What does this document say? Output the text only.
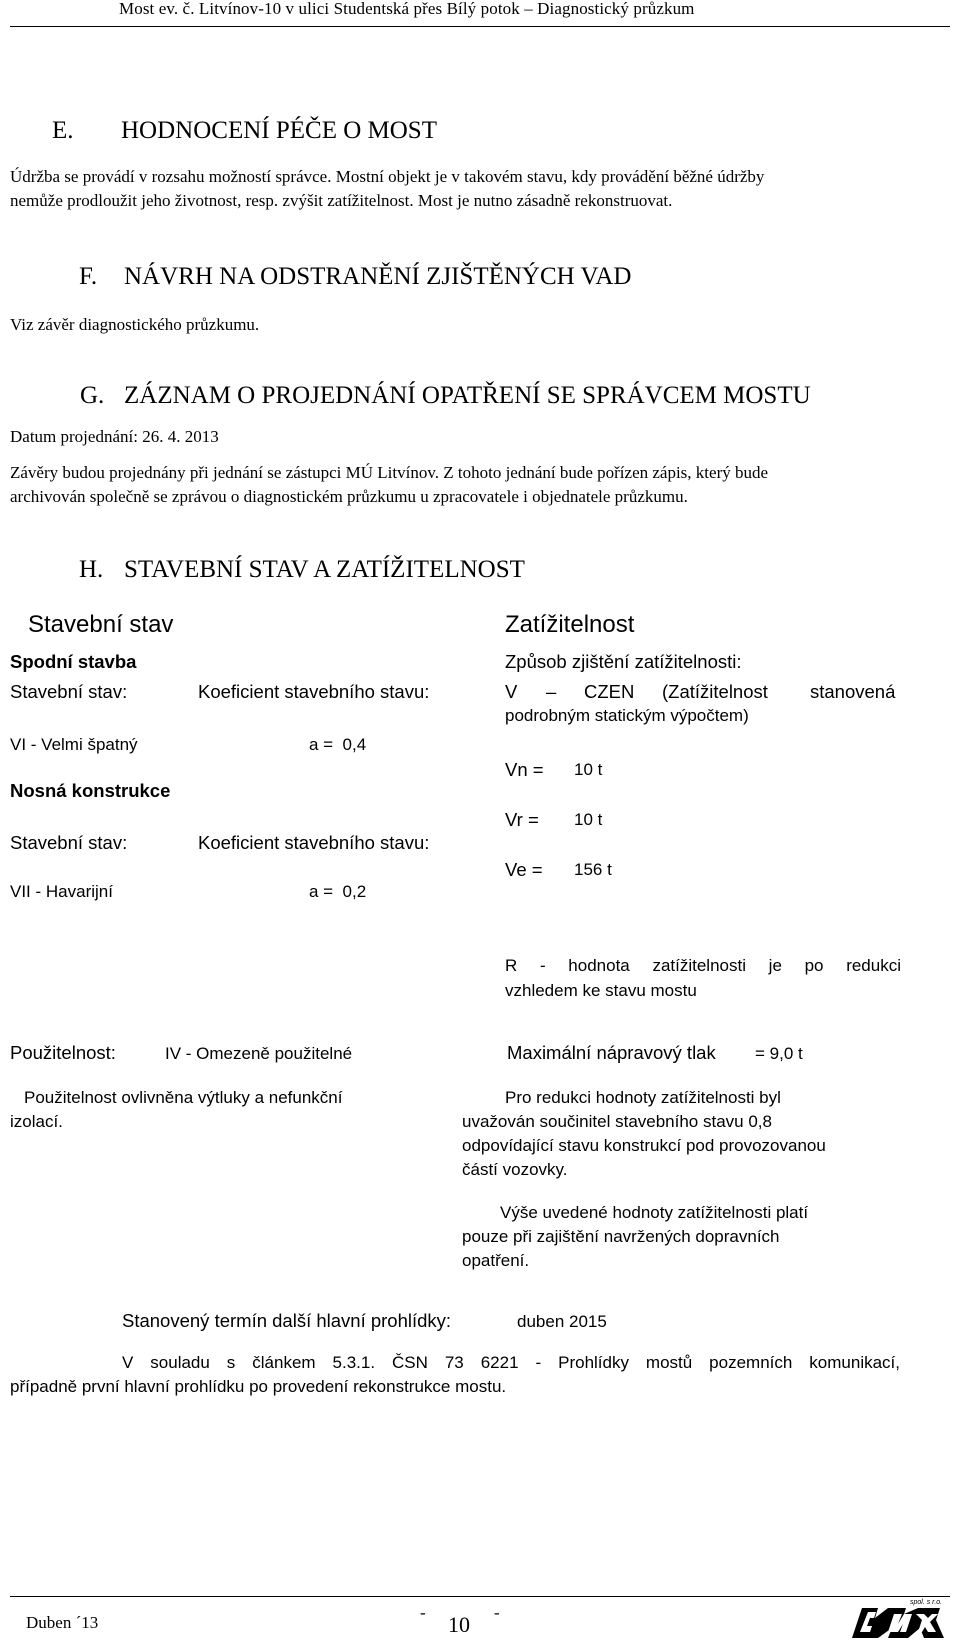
Most ev. č. Litvínov-10 v ulici Studentská přes Bílý potok – Diagnostický průzkum
E. HODNOCENÍ PÉČE O MOST
Údržba se provádí v rozsahu možností správce. Mostní objekt je v takovém stavu, kdy provádění běžné údržby
nemůže prodloužit jeho životnost, resp. zvýšit zatížitelnost. Most je nutno zásadně rekonstruovat.
F. NÁVRH NA ODSTRANĚNÍ ZJIŠTĚNÝCH VAD
Viz závěr diagnostického průzkumu.
G. ZÁZNAM O PROJEDNÁNÍ OPATŘENÍ SE SPRÁVCEM MOSTU
Datum projednání: 26. 4. 2013
Závěry budou projednány při jednání se zástupci MÚ Litvínov. Z tohoto jednání bude pořízen zápis, který bude
archivován společně se zprávou o diagnostickém průzkumu u zpracovatele i objednatele průzkumu.
H. STAVEBNÍ STAV A ZATÍŽITELNOST
Stavební stav
Spodní stavba
Stavební stav:	Koeficient stavebního stavu:
VI - Velmi špatný	a =  0,4
Nosná konstrukce
Stavební stav:	Koeficient stavebního stavu:
VII - Havarijní	a =  0,2
Zatížitelnost
Způsob zjištění zatížitelnosti:
V – CZEN (Zatížitelnost stanovená
podrobným statickým výpočtem)
Vn = 10 t
Vr = 10 t
Ve = 156 t
R - hodnota zatížitelnosti je po redukci
vzhledem ke stavu mostu
Použitelnost:	IV - Omezeně použitelné	Maximální nápravový tlak = 9,0 t
Použitelnost ovlivněna výtluky a nefunkční
izolací.
Pro redukci hodnoty zatížitelnosti byl
uvažován součinitel stavebního stavu 0,8
odpovídající stavu konstrukcí pod provozovanou
částí vozovky.
Výše uvedené hodnoty zatížitelnosti platí
pouze při zajištění navržených dopravních
opatření.
Stanovený termín další hlavní prohlídky:	duben 2015
V souladu s článkem 5.3.1. ČSN 73 6221 - Prohlídky mostů pozemních komunikací,
případně první hlavní prohlídku po provedení rekonstrukce mostu.
Duben ´13
- 10 -
spol. s r.o.
